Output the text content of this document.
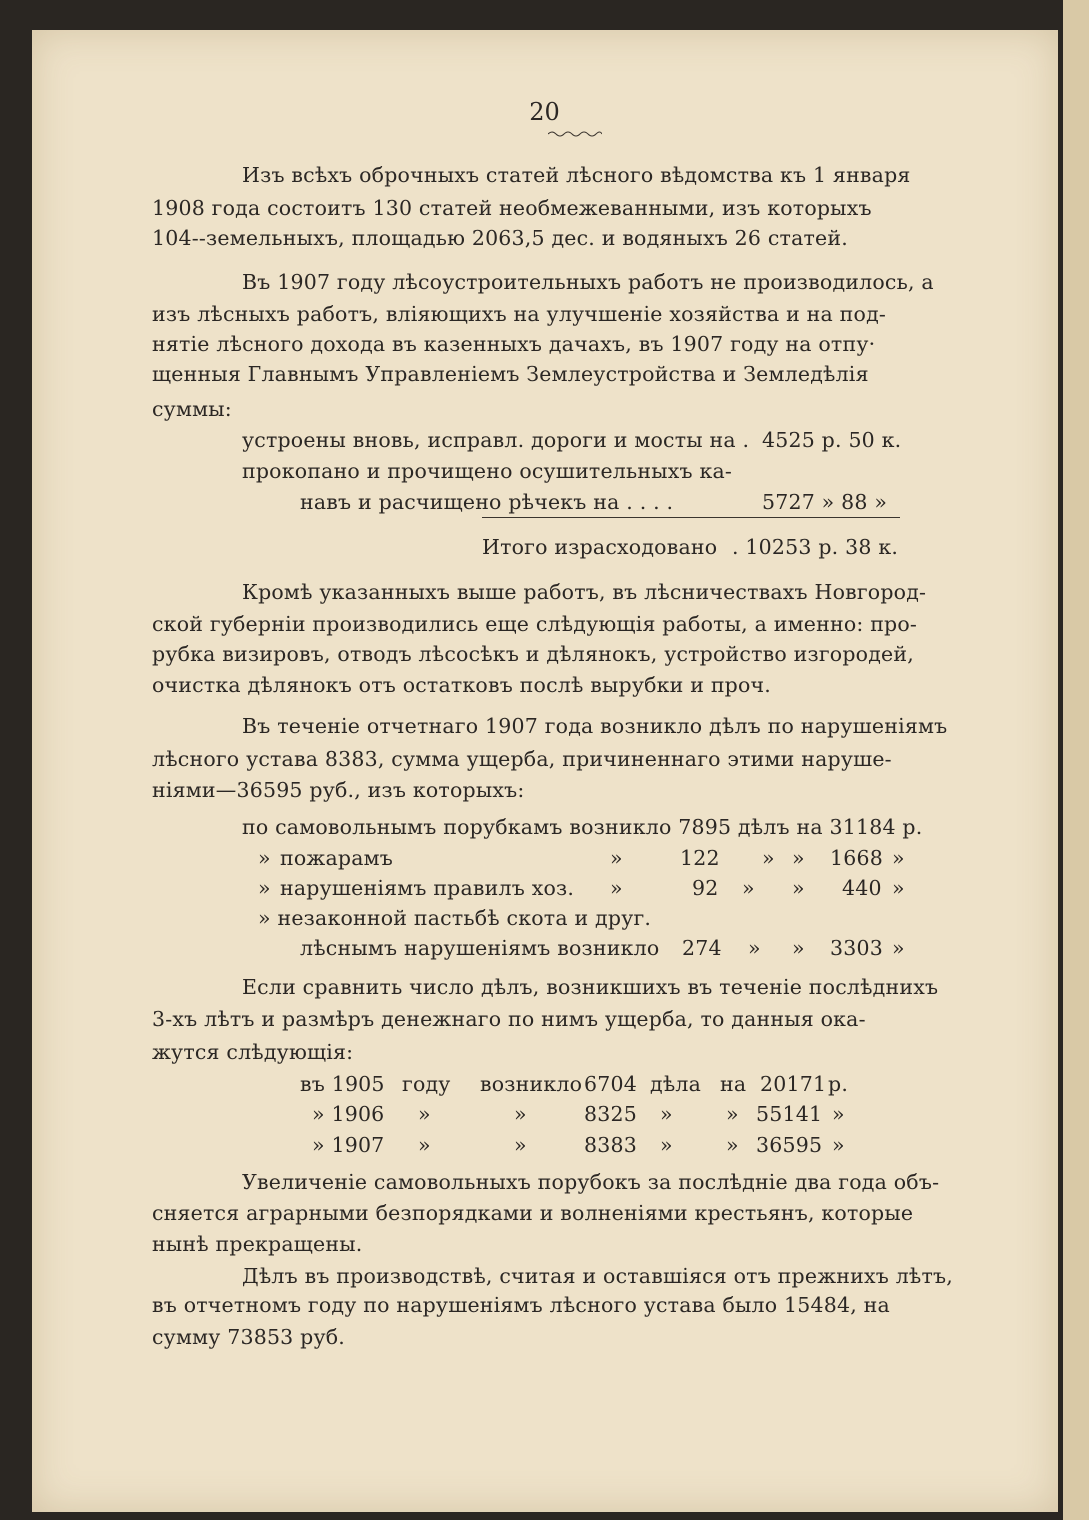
20
Изъ всѣхъ оброчныхъ статей лѣсного вѣдомства къ 1 января
1908 года состоитъ 130 статей необмежеванными, изъ которыхъ
104--земельныхъ, площадью 2063,5 дес. и водяныхъ 26 статей.
Въ 1907 году лѣсоустроительныхъ работъ не производилось, а
изъ лѣсныхъ работъ, вліяющихъ на улучшеніе хозяйства и на под-
нятіе лѣсного дохода въ казенныхъ дачахъ, въ 1907 году на отпу·
щенныя Главнымъ Управленіемъ Землеустройства и Земледѣлія
суммы:
устроены вновь, исправл. дороги и мосты на . 4525 р. 50 к.
прокопано и прочищено осушительныхъ ка-
навъ и расчищено рѣчекъ на . . . .	5727 » 88 »
Итого израсходовано . 10253 р. 38 к.
Кромѣ указанныхъ выше работъ, въ лѣсничествахъ Новгород-
ской губерніи производились еще слѣдующія работы, а именно: про-
рубка визировъ, отводъ лѣсосѣкъ и дѣлянокъ, устройство изгородей,
очистка дѣлянокъ отъ остатковъ послѣ вырубки и проч.
Въ теченіе отчетнаго 1907 года возникло дѣлъ по нарушеніямъ
лѣсного устава 8383, сумма ущерба, причиненнаго этими наруше-
ніями—36595 руб., изъ которыхъ:
по самовольнымъ порубкамъ возникло 7895 дѣлъ на 31184 р.
» пожарамъ	»	122 » » 1668 »
» нарушеніямъ правилъ хоз. »	92 » » 440 »
» незаконной пастьбѣ скота и друг.
лѣснымъ нарушеніямъ возникло 274 » » 3303 »
Если сравнить число дѣлъ, возникшихъ въ теченіе послѣднихъ
3-хъ лѣтъ и размѣръ денежнаго по нимъ ущерба, то данныя ока-
жутся слѣдующія:
въ 1905 году возникло 6704 дѣла на 20171 р.
» 1906 »	»	8325 »	» 55141 »
» 1907 »	»	8383 »	» 36595 »
Увеличеніе самовольныхъ порубокъ за послѣдніе два года объ-
сняется аграрными безпорядками и волненіями крестьянъ, которые
нынѣ прекращены.
Дѣлъ въ производствѣ, считая и оставшіяся отъ прежнихъ лѣтъ,
въ отчетномъ году по нарушеніямъ лѣсного устава было 15484, на
сумму 73853 руб.
